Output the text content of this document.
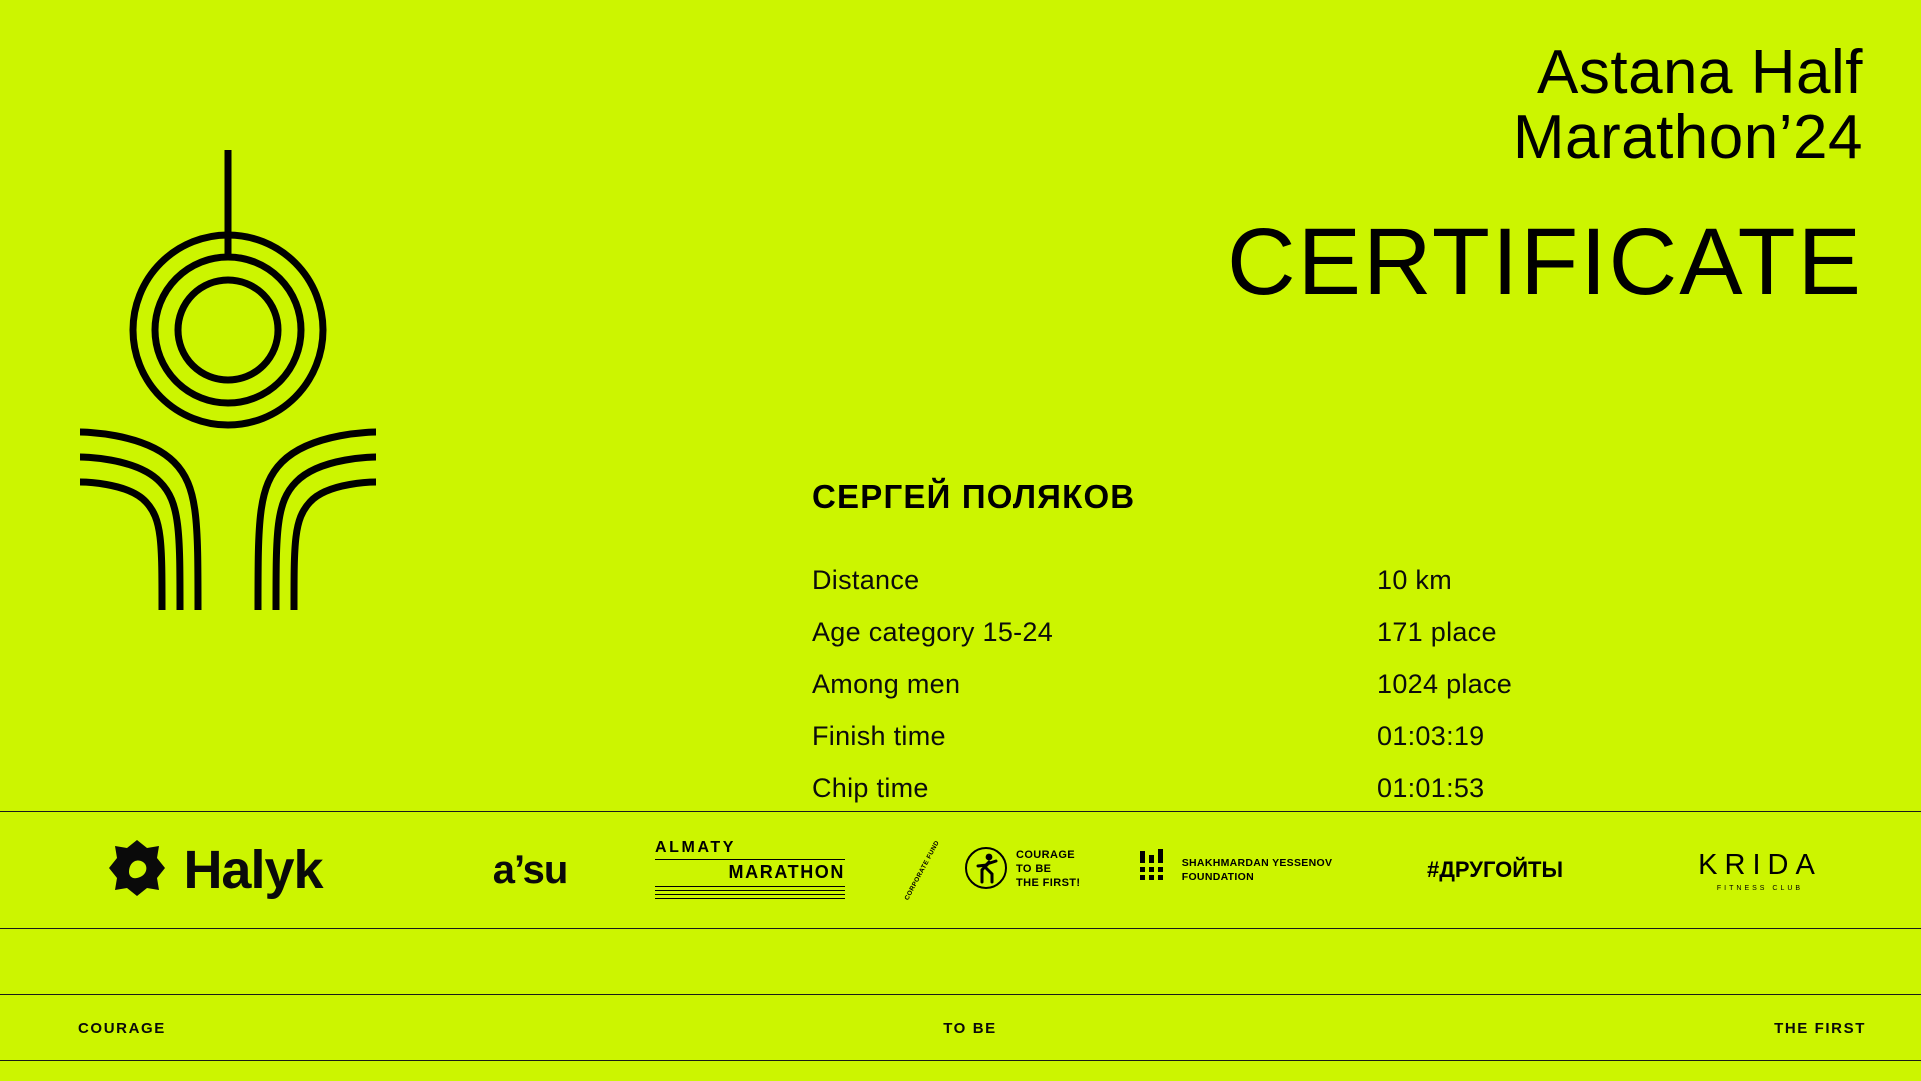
Astana Half
Marathon’24
CERTIFICATE
СЕРГЕЙ ПОЛЯКОВ
Distance	10 km
Age category 15-24	171 place
Among men	1024 place
Finish time	01:03:19
Chip time	01:01:53
Halyk	a’su
ALMATY
MARATHON	CORPORATE FUND	COURAGE
TO BE
THE FIRST!
SHAKHMARDAN YESSENOV
FOUNDATION	#ДРУГОЙТЫ	KRIDA
FITNESS CLUB
COURAGE	TO BE	THE FIRST
